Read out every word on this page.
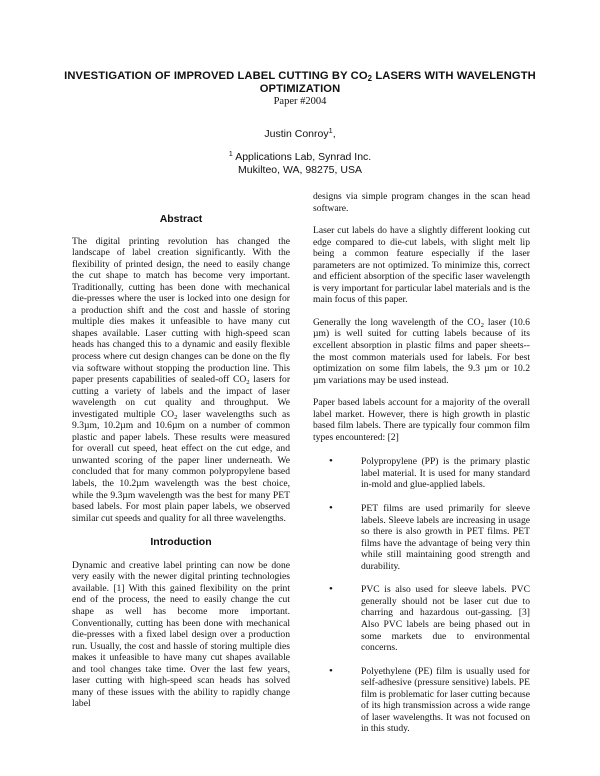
INVESTIGATION OF IMPROVED LABEL CUTTING BY $CO_2$ LASERS WITH WAVELENGTH
OPTIMIZATION
Paper #2004
Justin Conroy$^1$,
$^1$ Applications Lab, Synrad Inc.
Mukilteo, WA, 98275, USA
Abstract

The digital printing revolution has changed the landscape of label creation significantly. With the flexibility of printed design, the need to easily change the cut shape to match has become very important. Traditionally, cutting has been done with mechanical die-presses where the user is locked into one design for a production shift and the cost and hassle of storing multiple dies makes it unfeasible to have many cut shapes available. Laser cutting with high-speed scan heads has changed this to a dynamic and easily flexible process where cut design changes can be done on the fly via software without stopping the production line. This paper presents capabilities of sealed-off $CO_2$ lasers for cutting a variety of labels and the impact of laser wavelength on cut quality and throughput. We investigated multiple $CO_2$ laser wavelengths such as 9.3µm, 10.2µm and 10.6µm on a number of common plastic and paper labels. These results were measured for overall cut speed, heat effect on the cut edge, and unwanted scoring of the paper liner underneath. We concluded that for many common polypropylene based labels, the 10.2µm wavelength was the best choice, while the 9.3µm wavelength was the best for many PET based labels. For most plain paper labels, we observed similar cut speeds and quality for all three wavelengths.

Introduction

Dynamic and creative label printing can now be done very easily with the newer digital printing technologies available. [1] With this gained flexibility on the print end of the process, the need to easily change the cut shape as well has become more important. Conventionally, cutting has been done with mechanical die-presses with a fixed label design over a production run. Usually, the cost and hassle of storing multiple dies makes it unfeasible to have many cut shapes available and tool changes take time. Over the last few years, laser cutting with high-speed scan heads has solved many of these issues with the ability to rapidly change label

designs via simple program changes in the scan head software.

Laser cut labels do have a slightly different looking cut edge compared to die-cut labels, with slight melt lip being a common feature especially if the laser parameters are not optimized. To minimize this, correct and efficient absorption of the specific laser wavelength is very important for particular label materials and is the main focus of this paper.

Generally the long wavelength of the $CO_2$ laser (10.6 µm) is well suited for cutting labels because of its excellent absorption in plastic films and paper sheets--the most common materials used for labels. For best optimization on some film labels, the 9.3 µm or 10.2 µm variations may be used instead.

Paper based labels account for a majority of the overall label market. However, there is high growth in plastic based film labels. There are typically four common film types encountered: [2]

•	Polypropylene (PP) is the primary plastic label material. It is used for many standard in-mold and glue-applied labels.
•	PET films are used primarily for sleeve labels. Sleeve labels are increasing in usage so there is also growth in PET films. PET films have the advantage of being very thin while still maintaining good strength and durability.
•	PVC is also used for sleeve labels. PVC generally should not be laser cut due to charring and hazardous out-gassing. [3] Also PVC labels are being phased out in some markets due to environmental concerns.
•	Polyethylene (PE) film is usually used for self-adhesive (pressure sensitive) labels. PE film is problematic for laser cutting because of its high transmission across a wide range of laser wavelengths. It was not focused on in this study.
